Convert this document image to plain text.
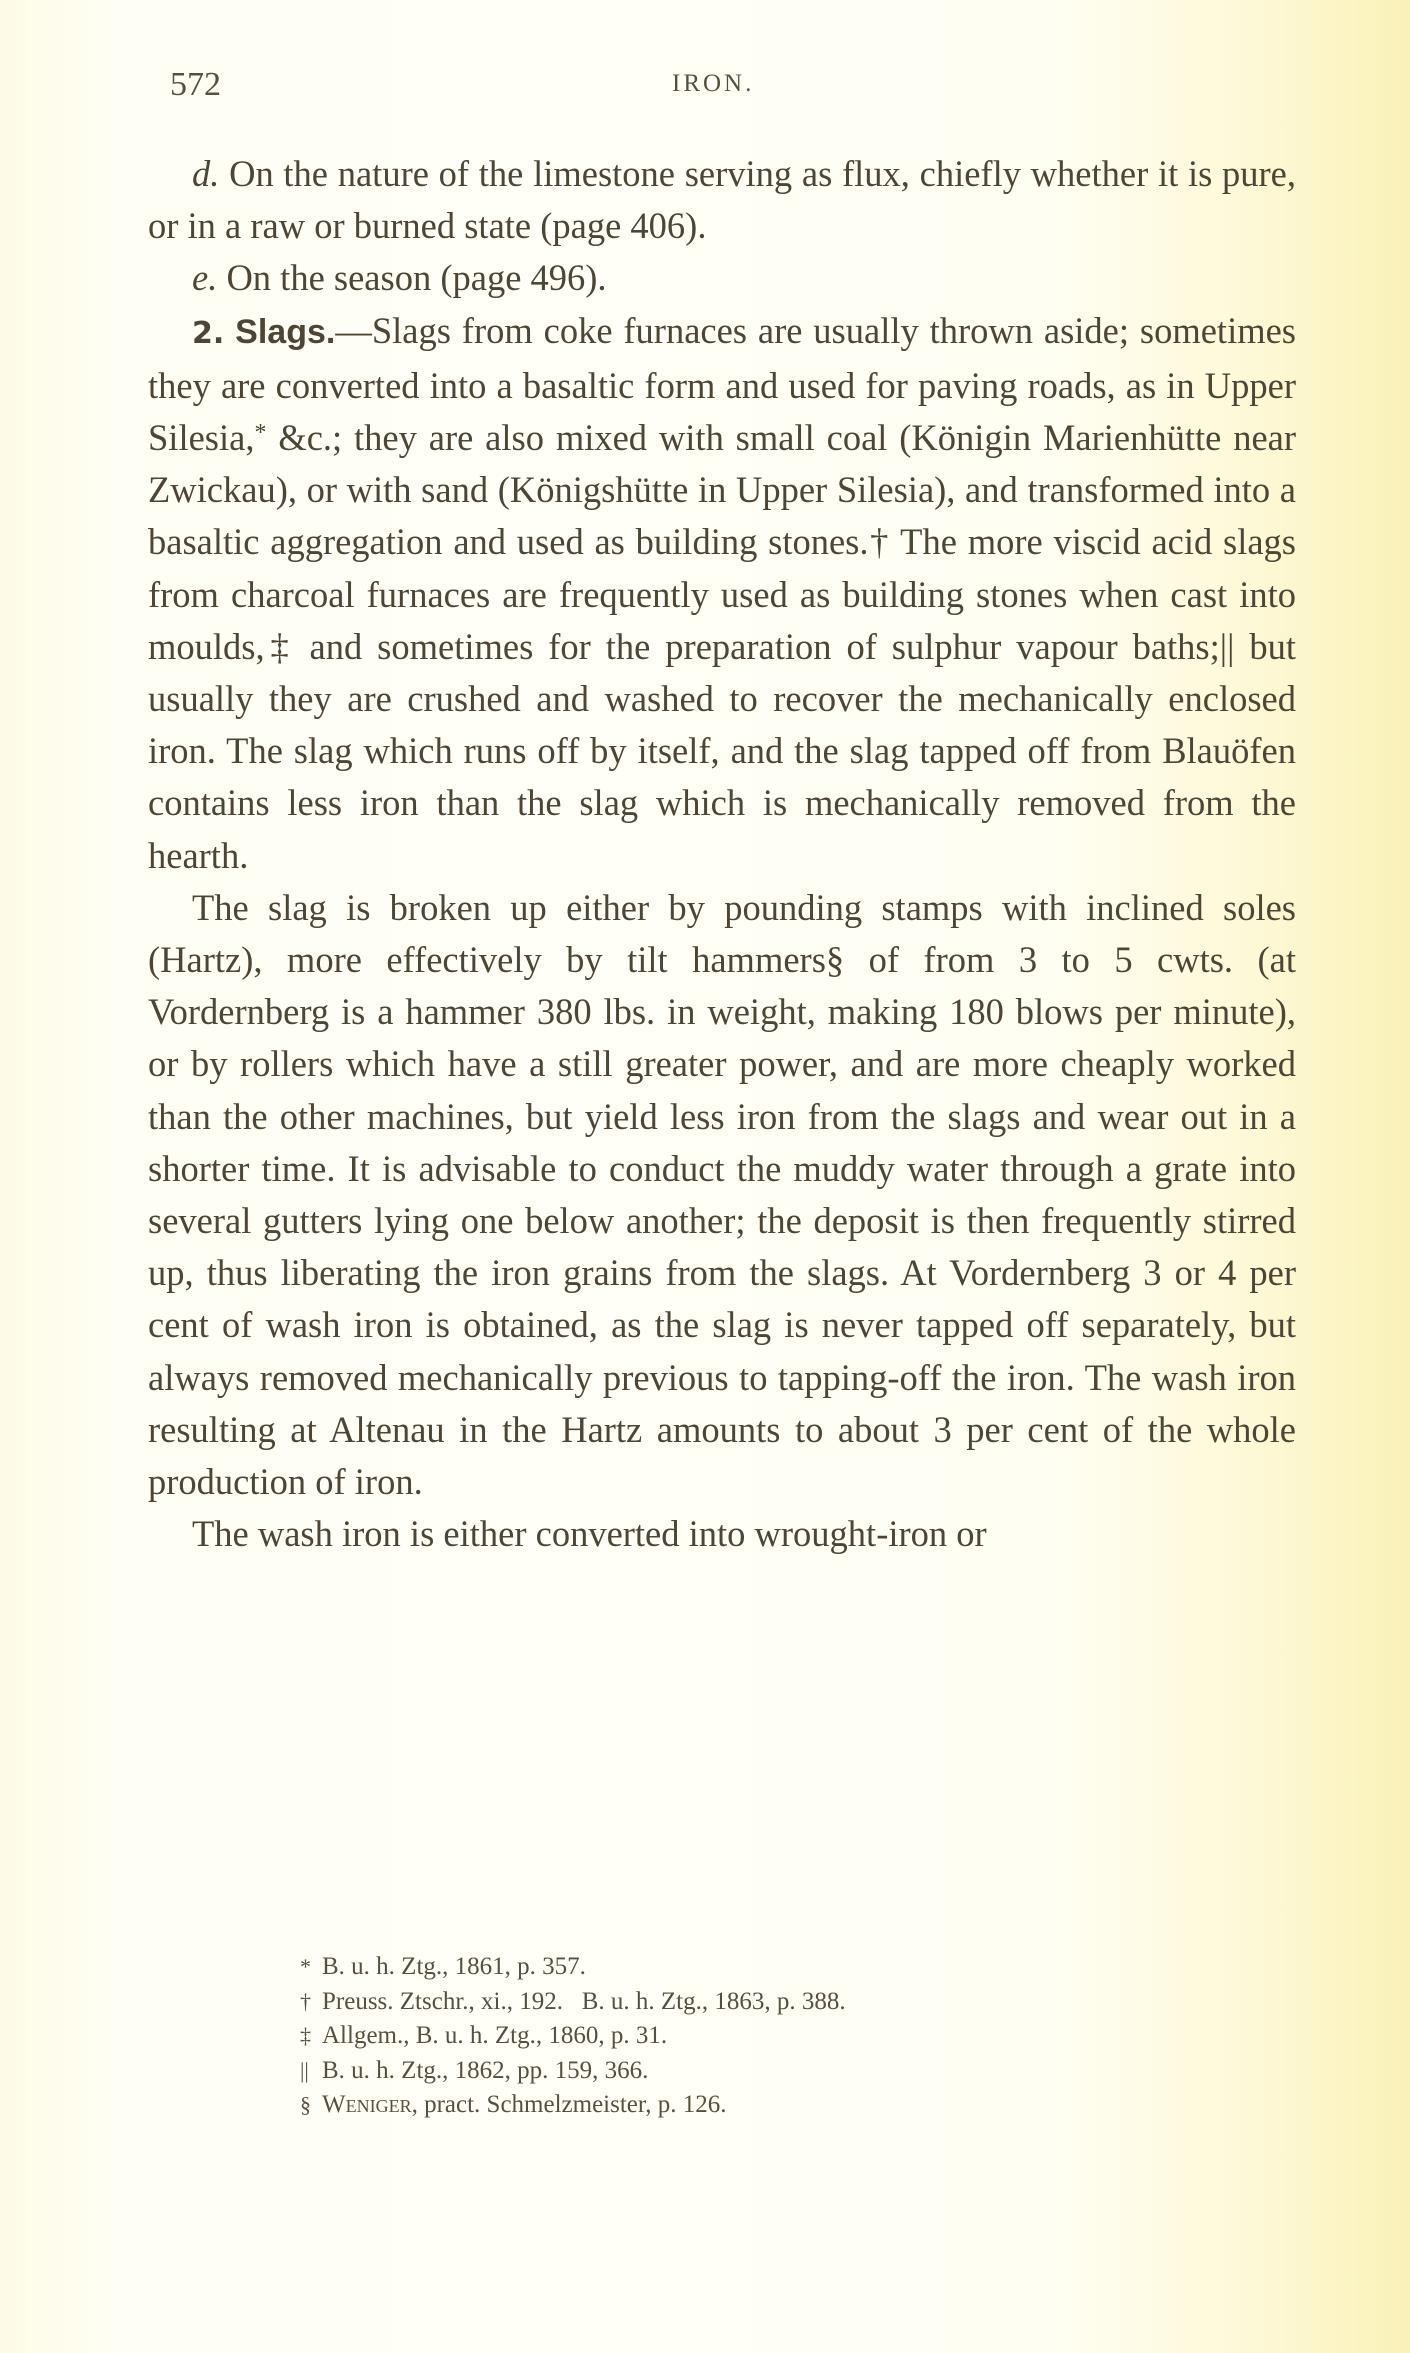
572	IRON.

d. On the nature of the limestone serving as flux, chiefly whether it is pure, or in a raw or burned state (page 406).

e. On the season (page 496).

2. Slags.—Slags from coke furnaces are usually thrown aside; sometimes they are converted into a basaltic form and used for paving roads, as in Upper Silesia,* &c.; they are also mixed with small coal (Königin Marienhütte near Zwickau), or with sand (Königshütte in Upper Silesia), and transformed into a basaltic aggregation and used as building stones.† The more viscid acid slags from charcoal furnaces are frequently used as building stones when cast into moulds,‡ and sometimes for the preparation of sulphur vapour baths;|| but usually they are crushed and washed to recover the mechanically enclosed iron. The slag which runs off by itself, and the slag tapped off from Blauöfen contains less iron than the slag which is mechanically removed from the hearth.

The slag is broken up either by pounding stamps with inclined soles (Hartz), more effectively by tilt hammers§ of from 3 to 5 cwts. (at Vordernberg is a hammer 380 lbs. in weight, making 180 blows per minute), or by rollers which have a still greater power, and are more cheaply worked than the other machines, but yield less iron from the slags and wear out in a shorter time. It is advisable to conduct the muddy water through a grate into several gutters lying one below another; the deposit is then frequently stirred up, thus liberating the iron grains from the slags. At Vordernberg 3 or 4 per cent of wash iron is obtained, as the slag is never tapped off separately, but always removed mechanically previous to tapping-off the iron. The wash iron resulting at Altenau in the Hartz amounts to about 3 per cent of the whole production of iron.

The wash iron is either converted into wrought-iron or

* B. u. h. Ztg., 1861, p. 357.
† Preuss. Ztschr., xi., 192.   B. u. h. Ztg., 1863, p. 388.
‡ Allgem., B. u. h. Ztg., 1860, p. 31.
|| B. u. h. Ztg., 1862, pp. 159, 366.
§ Weniger, pract. Schmelzmeister, p. 126.
